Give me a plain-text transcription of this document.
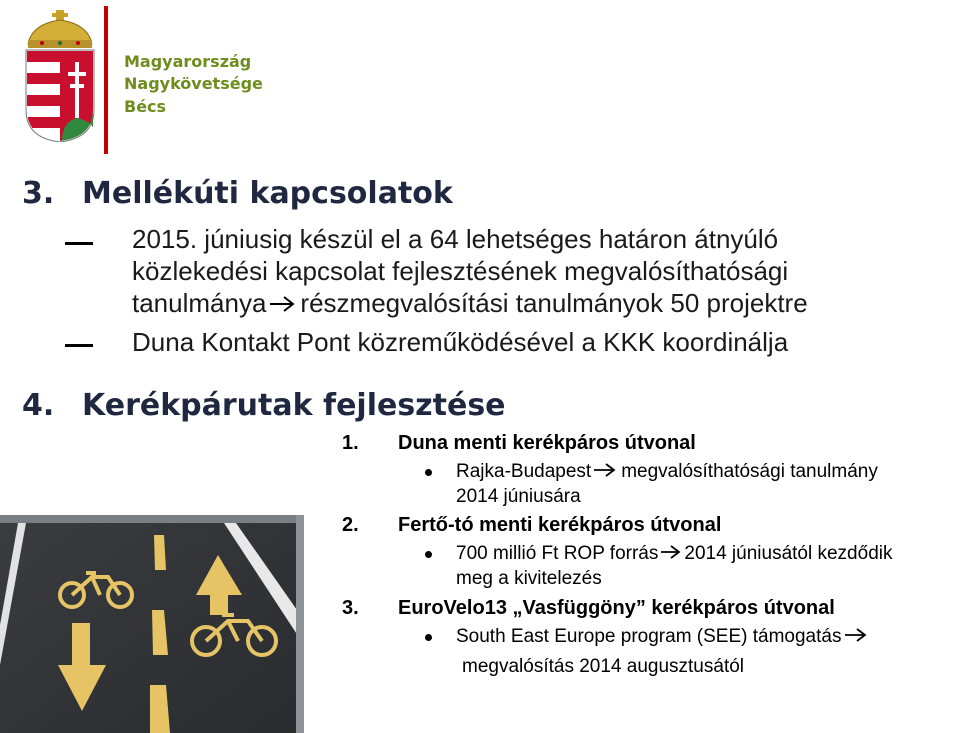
Magyarország
Nagykövetsége
Bécs
3. Mellékúti kapcsolatok
2015. júniusig készül el a 64 lehetséges határon átnyúló
közlekedési kapcsolat fejlesztésének megvalósíthatósági
tanulmánya részmegvalósítási tanulmányok 50 projektre
Duna Kontakt Pont közreműködésével a KKK koordinálja
4. Kerékpárutak fejlesztése
1. Duna menti kerékpáros útvonal
Rajka-Budapest megvalósíthatósági tanulmány
2014 júniusára
2. Fertő-tó menti kerékpáros útvonal
700 millió Ft ROP forrás 2014 júniusától kezdődik
meg a kivitelezés
3. EuroVelo13 „Vasfüggöny” kerékpáros útvonal
South East Europe program (SEE) támogatás
megvalósítás 2014 augusztusától
